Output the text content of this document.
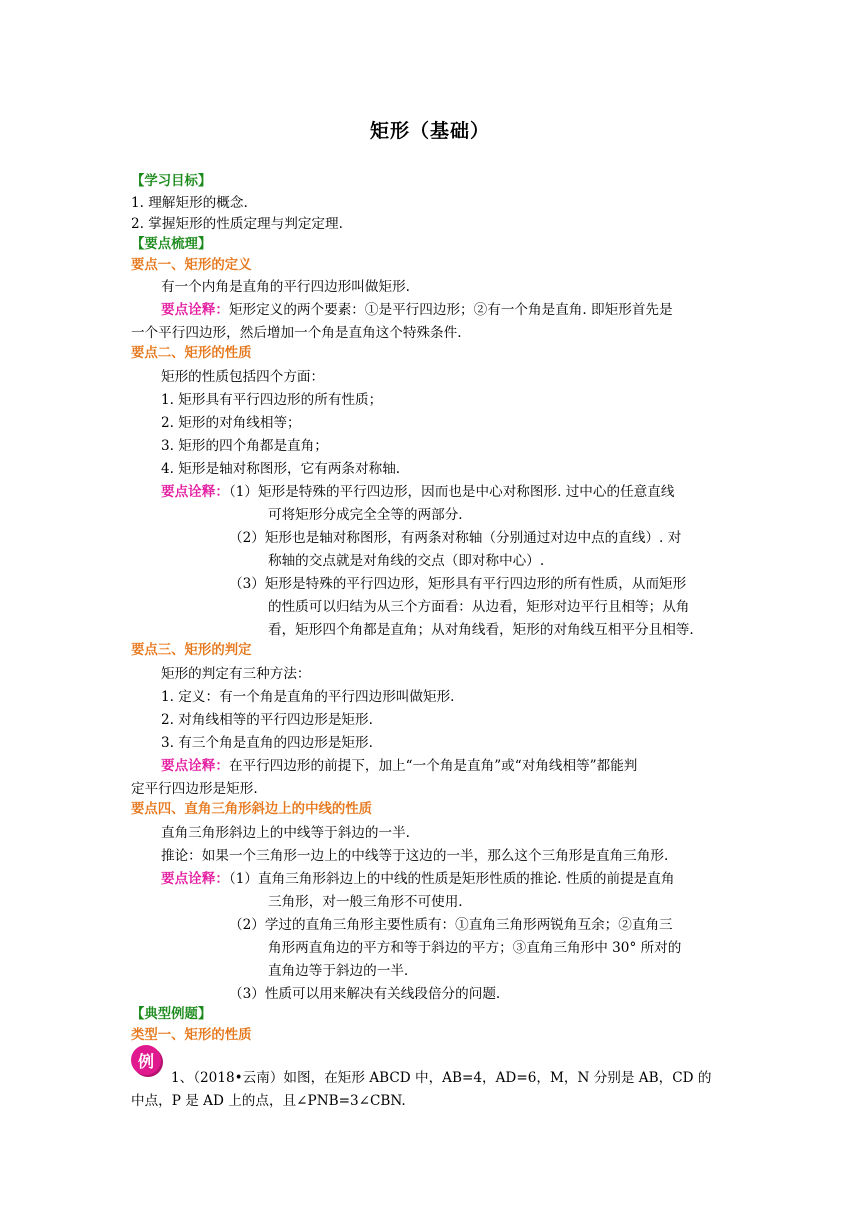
矩形（基础）
【学习目标】
1. 理解矩形的概念.
2. 掌握矩形的性质定理与判定定理.
【要点梳理】
要点一、矩形的定义
有一个内角是直角的平行四边形叫做矩形.
要点诠释：矩形定义的两个要素：①是平行四边形；②有一个角是直角. 即矩形首先是
一个平行四边形，然后增加一个角是直角这个特殊条件.
要点二、矩形的性质
矩形的性质包括四个方面：
1. 矩形具有平行四边形的所有性质；
2. 矩形的对角线相等；
3. 矩形的四个角都是直角；
4. 矩形是轴对称图形，它有两条对称轴.
要点诠释：（1）矩形是特殊的平行四边形，因而也是中心对称图形. 过中心的任意直线
可将矩形分成完全全等的两部分.
（2）矩形也是轴对称图形，有两条对称轴（分别通过对边中点的直线）. 对
称轴的交点就是对角线的交点（即对称中心）.
（3）矩形是特殊的平行四边形，矩形具有平行四边形的所有性质，从而矩形
的性质可以归结为从三个方面看：从边看，矩形对边平行且相等；从角
看，矩形四个角都是直角；从对角线看，矩形的对角线互相平分且相等.
要点三、矩形的判定
矩形的判定有三种方法：
1. 定义：有一个角是直角的平行四边形叫做矩形.
2. 对角线相等的平行四边形是矩形.
3. 有三个角是直角的四边形是矩形.
要点诠释：在平行四边形的前提下，加上“一个角是直角”或“对角线相等”都能判
定平行四边形是矩形.
要点四、直角三角形斜边上的中线的性质
直角三角形斜边上的中线等于斜边的一半.
推论：如果一个三角形一边上的中线等于这边的一半，那么这个三角形是直角三角形.
要点诠释：（1）直角三角形斜边上的中线的性质是矩形性质的推论. 性质的前提是直角
三角形，对一般三角形不可使用.
（2）学过的直角三角形主要性质有：①直角三角形两锐角互余；②直角三
角形两直角边的平方和等于斜边的平方；③直角三角形中 30° 所对的
直角边等于斜边的一半.
（3）性质可以用来解决有关线段倍分的问题.
【典型例题】
类型一、矩形的性质
例
1、（2018•云南）如图，在矩形 ABCD 中，AB=4，AD=6，M，N 分别是 AB，CD 的
中点，P 是 AD 上的点，且∠PNB=3∠CBN.
